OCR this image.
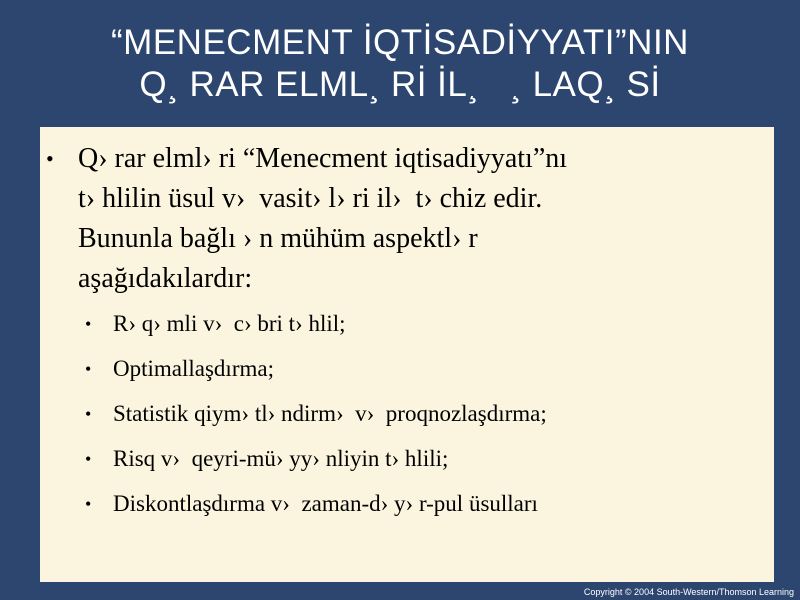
“MENECMENT İQTİSADİYYATI”NIN
Q¸ RAR ELML¸ Rİ İL¸   ¸ LAQ¸ Sİ
• Q› rar elml› ri “Menecment iqtisadiyyatı”nı
t› hlilin üsul v›  vasit› l› ri il›  t› chiz edir.
Bununla bağlı › n mühüm aspektl› r
aşağıdakılardır:
• R› q› mli v›  c› bri t› hlil;
• Optimallaşdırma;
• Statistik qiym› tl› ndirm›  v›  proqnozlaşdırma;
• Risq v›  qeyri-mü› yy› nliyin t› hlili;
• Diskontlaşdırma v›  zaman-d› y› r-pul üsulları
Copyright © 2004 South-Western/Thomson Learning
